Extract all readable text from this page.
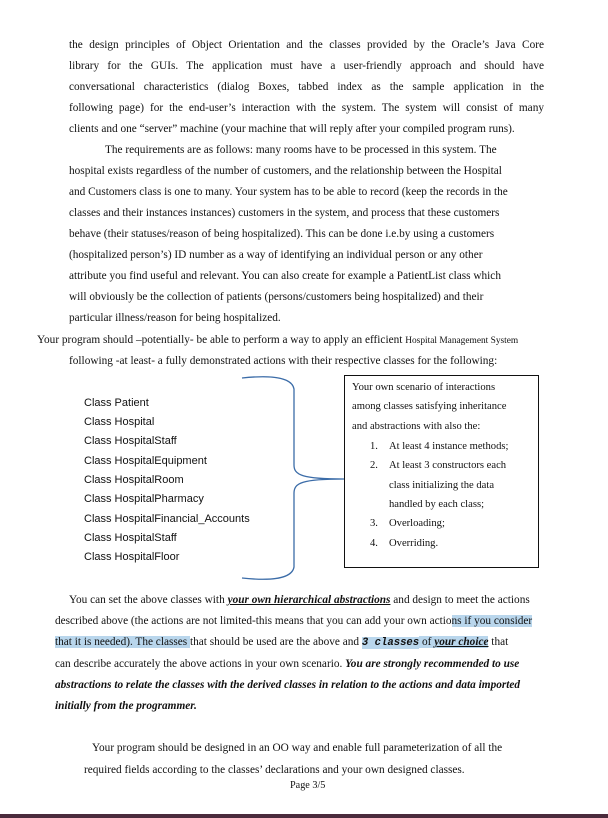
the design principles of Object Orientation and the classes provided by the Oracle’s Java Core
library for the GUIs. The application must have a user-friendly approach and should have
conversational characteristics (dialog Boxes, tabbed index as the sample application in the
following page) for the end-user’s interaction with the system. The system will consist of many
clients and one “server” machine (your machine that will reply after your compiled program runs).
The requirements are as follows: many rooms have to be processed in this system. The
hospital exists regardless of the number of customers, and the relationship between the Hospital
and Customers class is one to many. Your system has to be able to record (keep the records in the
classes and their instances instances) customers in the system, and process that these customers
behave (their statuses/reason of being hospitalized). This can be done i.e.by using a customers
(hospitalized person’s) ID number as a way of identifying an individual person or any other
attribute you find useful and relevant. You can also create for example a PatientList class which
will obviously be the collection of patients (persons/customers being hospitalized) and their
particular illness/reason for being hospitalized.
Your program should –potentially- be able to perform a way to apply an efficient Hospital Management System
following -at least- a fully demonstrated actions with their respective classes for the following:
Class Patient
Class Hospital
Class HospitalStaff
Class HospitalEquipment
Class HospitalRoom
Class HospitalPharmacy
Class HospitalFinancial_Accounts
Class HospitalStaff
Class HospitalFloor
Your own scenario of interactions
among classes satisfying inheritance
and abstractions with also the:
1. At least 4 instance methods;
2. At least 3 constructors each
class initializing the data
handled by each class;
3. Overloading;
4. Overriding.
You can set the above classes with your own hierarchical abstractions and design to meet the actions
described above (the actions are not limited-this means that you can add your own actions if you consider
that it is needed). The classes that should be used are the above and 3 classes of your choice that
can describe accurately the above actions in your own scenario. You are strongly recommended to use
abstractions to relate the classes with the derived classes in relation to the actions and data imported
initially from the programmer.
Your program should be designed in an OO way and enable full parameterization of all the
required fields according to the classes’ declarations and your own designed classes.
Page 3/5
